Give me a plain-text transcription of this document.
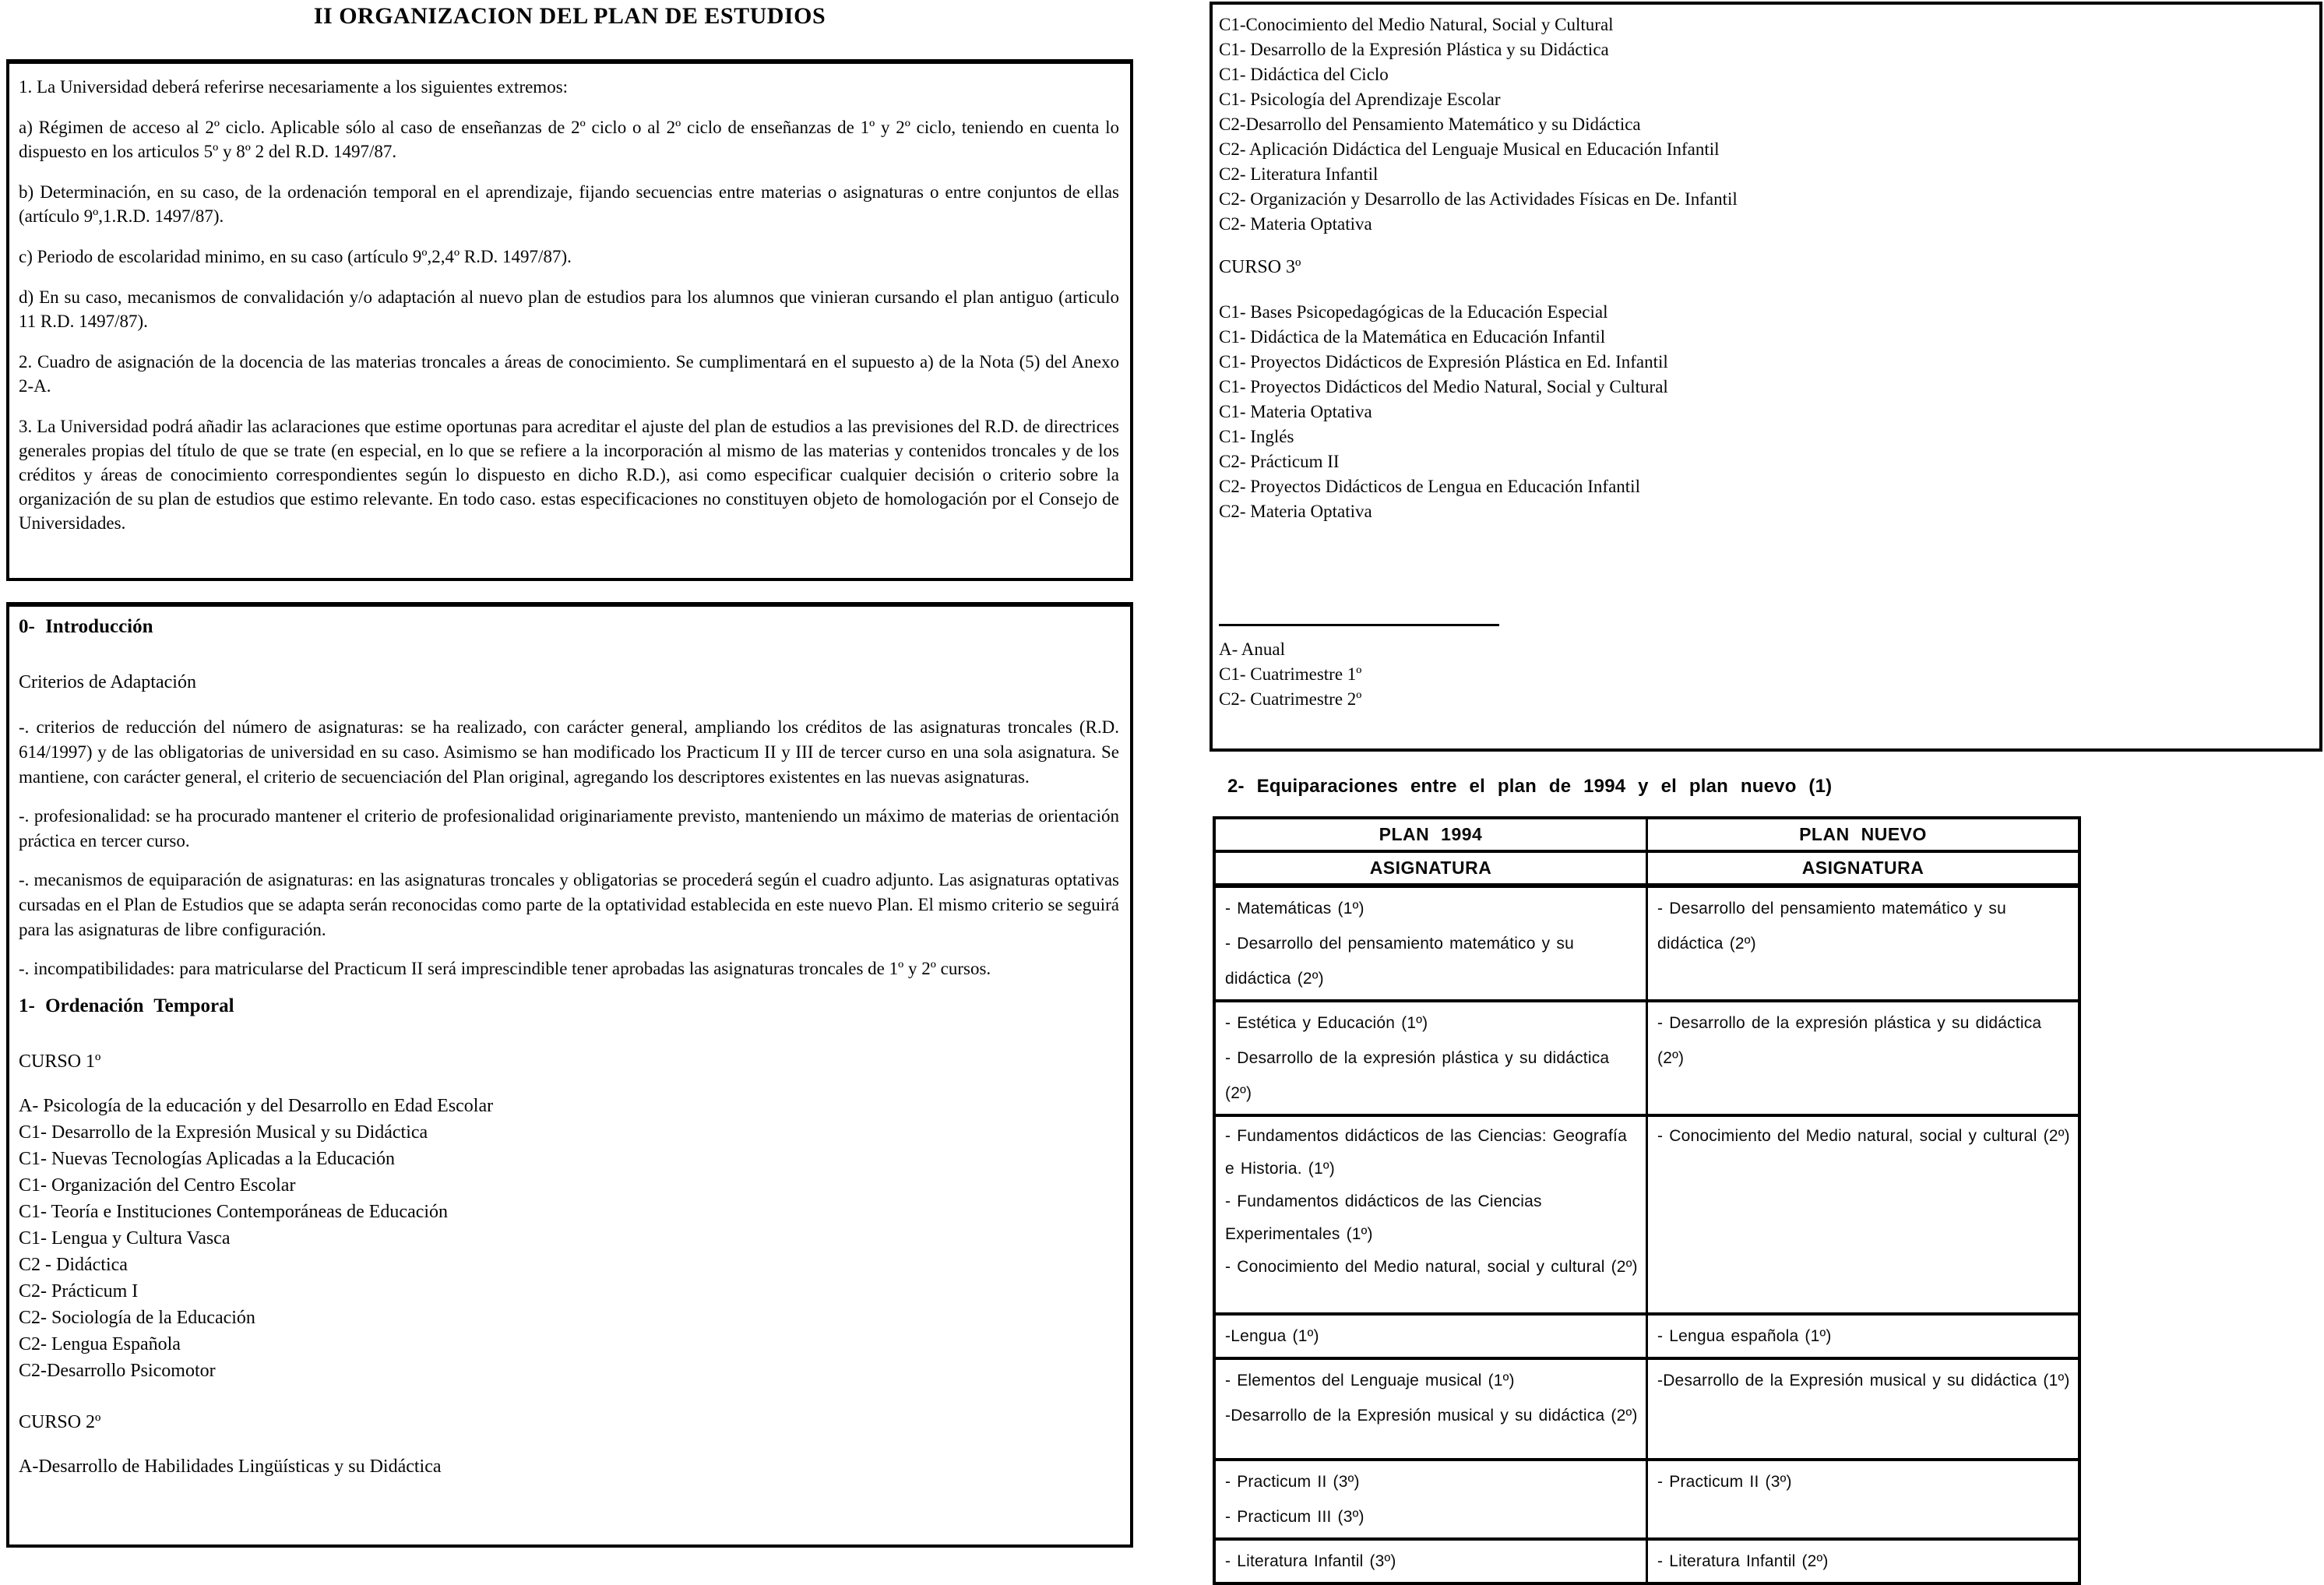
II ORGANIZACION DEL PLAN DE ESTUDIOS

1. La Universidad deberá referirse necesariamente a los siguientes extremos:

a) Régimen de acceso al 2º ciclo. Aplicable sólo al caso de enseñanzas de 2º ciclo o al 2º ciclo de enseñanzas de 1º y 2º ciclo, teniendo en cuenta lo dispuesto en los articulos 5º y 8º 2 del R.D. 1497/87.

b) Determinación, en su caso, de la ordenación temporal en el aprendizaje, fijando secuencias entre materias o asignaturas o entre conjuntos de ellas (artículo 9º,1.R.D. 1497/87).

c) Periodo de escolaridad minimo, en su caso (artículo 9º,2,4º R.D. 1497/87).

d) En su caso, mecanismos de convalidación y/o adaptación al nuevo plan de estudios para los alumnos que vinieran cursando el plan antiguo (articulo 11 R.D. 1497/87).

2. Cuadro de asignación de la docencia de las materias troncales a áreas de conocimiento. Se cumplimentará en el supuesto a) de la Nota (5) del Anexo 2-A.

3. La Universidad podrá añadir las aclaraciones que estime oportunas para acreditar el ajuste del plan de estudios a las previsiones del R.D. de directrices generales propias del título de que se trate (en especial, en lo que se refiere a la incorporación al mismo de las materias y contenidos troncales y de los créditos y áreas de conocimiento correspondientes según lo dispuesto en dicho R.D.), asi como especificar cualquier decisión o criterio sobre la organización de su plan de estudios que estimo relevante. En todo caso. estas especificaciones no constituyen objeto de homologación por el Consejo de Universidades.

0- Introducción
Criterios de Adaptación

-. criterios de reducción del número de asignaturas: se ha realizado, con carácter general, ampliando los créditos de las asignaturas troncales (R.D. 614/1997) y de las obligatorias de universidad en su caso. Asimismo se han modificado los Practicum II y III de tercer curso en una sola asignatura. Se mantiene, con carácter general, el criterio de secuenciación del Plan original, agregando los descriptores existentes en las nuevas asignaturas.

-. profesionalidad: se ha procurado mantener el criterio de profesionalidad originariamente previsto, manteniendo un máximo de materias de orientación práctica en tercer curso.

-. mecanismos de equiparación de asignaturas: en las asignaturas troncales y obligatorias se procederá según el cuadro adjunto. Las asignaturas optativas cursadas en el Plan de Estudios que se adapta serán reconocidas como parte de la optatividad establecida en este nuevo Plan. El mismo criterio se seguirá para las asignaturas de libre configuración.

-. incompatibilidades: para matricularse del Practicum II será imprescindible tener aprobadas las asignaturas troncales de 1º y 2º cursos.

1- Ordenación Temporal
CURSO 1º
A- Psicología de la educación y del Desarrollo en Edad Escolar
C1- Desarrollo de la Expresión Musical y su Didáctica
C1- Nuevas Tecnologías Aplicadas a la Educación
C1- Organización del Centro Escolar
C1- Teoría e Instituciones Contemporáneas de Educación
C1- Lengua y Cultura Vasca
C2 - Didáctica
C2- Prácticum I
C2- Sociología de la Educación
C2- Lengua Española
C2-Desarrollo Psicomotor
CURSO 2º
A-Desarrollo de Habilidades Lingüísticas y su Didáctica
C1-Conocimiento del Medio Natural, Social y Cultural
C1- Desarrollo de la Expresión Plástica y su Didáctica
C1- Didáctica del Ciclo
C1- Psicología del Aprendizaje Escolar
C2-Desarrollo del Pensamiento Matemático y su Didáctica
C2- Aplicación Didáctica del Lenguaje Musical en Educación Infantil
C2- Literatura Infantil
C2- Organización y Desarrollo de las Actividades Físicas en De. Infantil
C2- Materia Optativa
CURSO 3º
C1- Bases Psicopedagógicas de la Educación Especial
C1- Didáctica de la Matemática en Educación Infantil
C1- Proyectos Didácticos de Expresión Plástica en Ed. Infantil
C1- Proyectos Didácticos del Medio Natural, Social y Cultural
C1- Materia Optativa
C1- Inglés
C2- Prácticum II
C2- Proyectos Didácticos de Lengua en Educación Infantil
C2- Materia Optativa
A- Anual
C1- Cuatrimestre 1º
C2- Cuatrimestre 2º
2- Equiparaciones entre el plan de 1994 y el plan nuevo (1)
PLAN 1994	PLAN NUEVO
ASIGNATURA	ASIGNATURA

- Matemáticas (1º)
- Desarrollo del pensamiento matemático y su didáctica (2º)	- Desarrollo del pensamiento matemático y su didáctica (2º)

- Estética y Educación (1º)
- Desarrollo de la expresión plástica y su didáctica (2º)	- Desarrollo de la expresión plástica y su didáctica (2º)

- Fundamentos didácticos de las Ciencias: Geografía e Historia. (1º)
- Fundamentos didácticos de las Ciencias Experimentales (1º)
- Conocimiento del Medio natural, social y cultural (2º)	- Conocimiento del Medio natural, social y cultural (2º)

-Lengua (1º)	- Lengua española (1º)

- Elementos del Lenguaje musical (1º)
-Desarrollo de la Expresión musical y su didáctica (2º)	-Desarrollo de la Expresión musical y su didáctica (1º)

- Practicum II (3º)
- Practicum III (3º)	- Practicum II (3º)

- Literatura Infantil (3º)	- Literatura Infantil (2º)
